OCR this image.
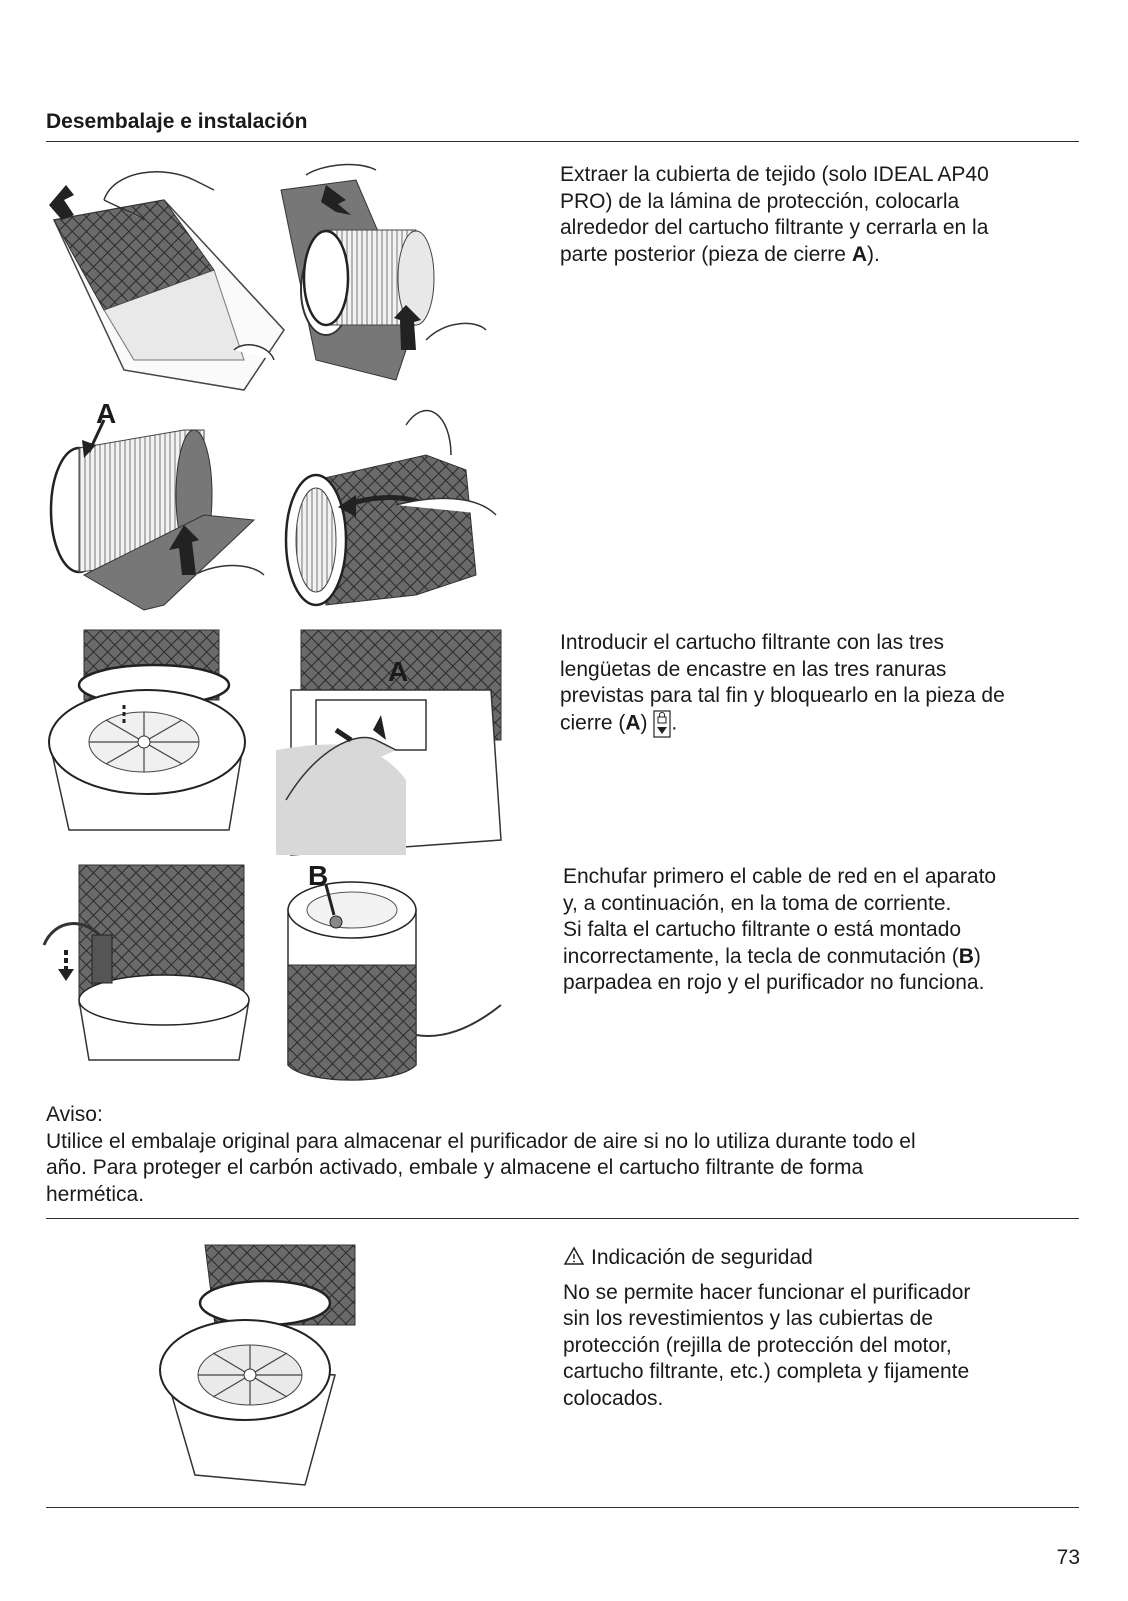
Desembalaje e instalación
A
Extraer la cubierta de tejido (solo IDEAL AP40
PRO) de la lámina de protección, colocarla
alrededor del cartucho filtrante y cerrarla en la
parte posterior (pieza de cierre A).
A
Introducir el cartucho filtrante con las tres
lengüetas de encastre en las tres ranuras
previstas para tal fin y bloquearlo en la pieza de
cierre (A) .
B	Enchufar primero el cable de red en el aparato
y, a continuación, en la toma de corriente.
Si falta el cartucho filtrante o está montado
incorrectamente, la tecla de conmutación (B)
parpadea en rojo y el purificador no funciona.
Aviso:
Utilice el embalaje original para almacenar el purificador de aire si no lo utiliza durante todo el
año. Para proteger el carbón activado, embale y almacene el cartucho filtrante de forma
hermética.
Indicación de seguridad
No se permite hacer funcionar el purificador
sin los revestimientos y las cubiertas de
protección (rejilla de protección del motor,
cartucho filtrante, etc.) completa y fijamente
colocados.
73
